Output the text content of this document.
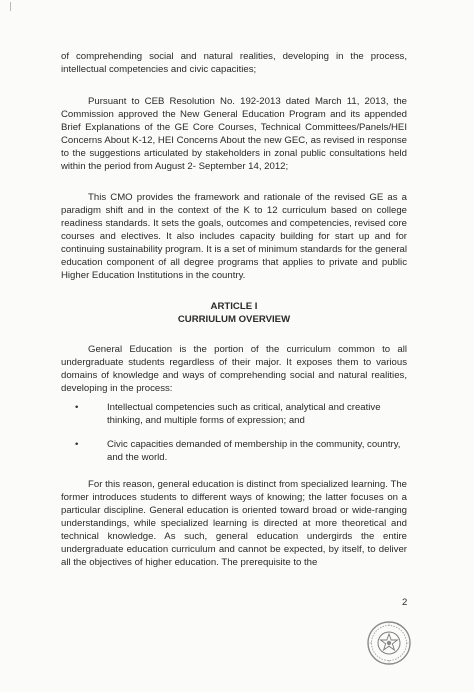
of comprehending social and natural realities, developing in the process, intellectual competencies and civic capacities;

Pursuant to CEB Resolution No. 192-2013 dated March 11, 2013, the Commission approved the New General Education Program and its appended Brief Explanations of the GE Core Courses, Technical Committees/Panels/HEI Concerns About K-12, HEI Concerns About the new GEC, as revised in response to the suggestions articulated by stakeholders in zonal public consultations held within the period from August 2- September 14, 2012;

This CMO provides the framework and rationale of the revised GE as a paradigm shift and in the context of the K to 12 curriculum based on college readiness standards. It sets the goals, outcomes and competencies, revised core courses and electives. It also includes capacity building for start up and for continuing sustainability program. It is a set of minimum standards for the general education component of all degree programs that applies to private and public Higher Education Institutions in the country.

ARTICLE I
CURRIULUM OVERVIEW

General Education is the portion of the curriculum common to all undergraduate students regardless of their major. It exposes them to various domains of knowledge and ways of comprehending social and natural realities, developing in the process:

•	Intellectual competencies such as critical, analytical and creative thinking, and multiple forms of expression; and
•	Civic capacities demanded of membership in the community, country, and the world.

For this reason, general education is distinct from specialized learning. The former introduces students to different ways of knowing; the latter focuses on a particular discipline. General education is oriented toward broad or wide-ranging understandings, while specialized learning is directed at more theoretical and technical knowledge. As such, general education undergirds the entire undergraduate education curriculum and cannot be expected, by itself, to deliver all the objectives of higher education. The prerequisite to the

2
